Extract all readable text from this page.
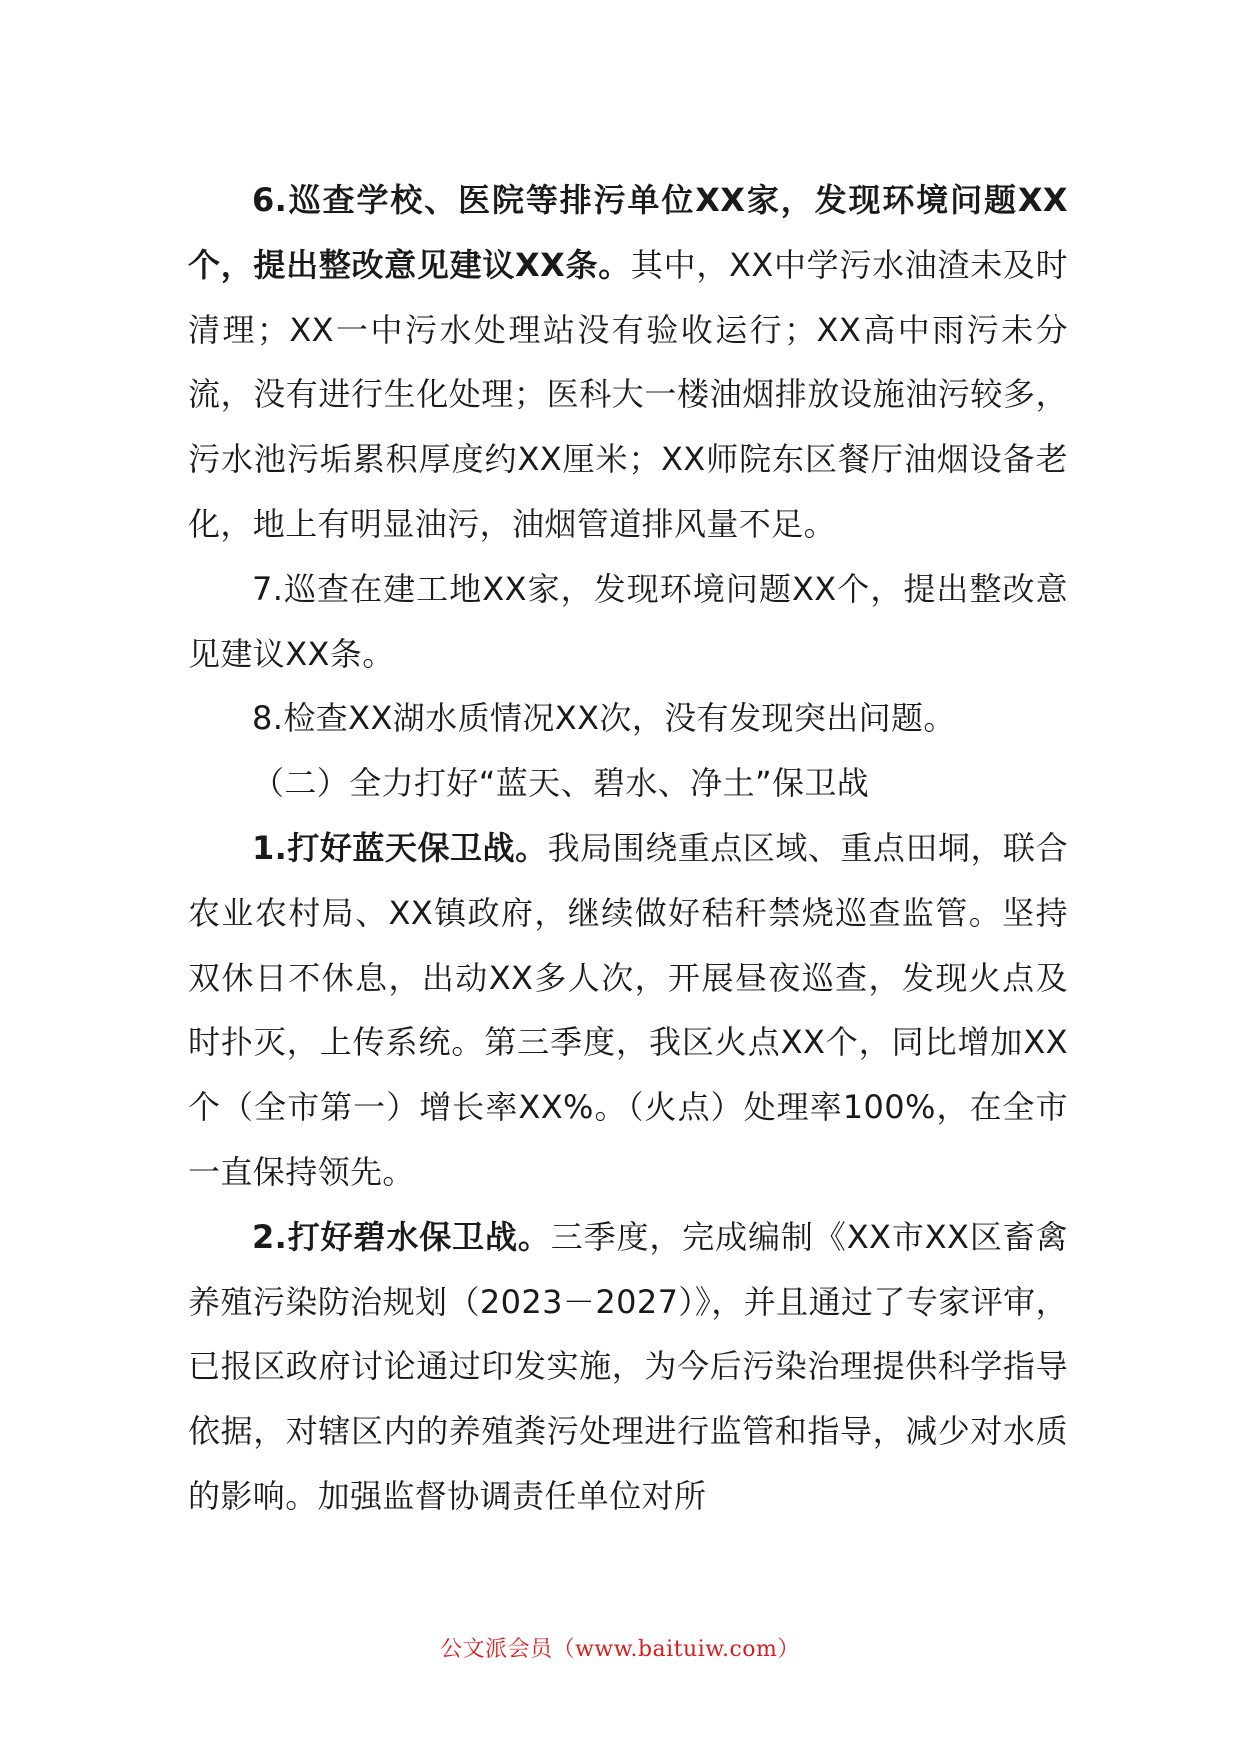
6.巡查学校、医院等排污单位XX家，发现环境问题XX个，提出整改意见建议XX条。其中，XX中学污水油渣未及时清理；XX一中污水处理站没有验收运行；XX高中雨污未分流，没有进行生化处理；医科大一楼油烟排放设施油污较多，污水池污垢累积厚度约XX厘米；XX师院东区餐厅油烟设备老化，地上有明显油污，油烟管道排风量不足。

7.巡查在建工地XX家，发现环境问题XX个，提出整改意见建议XX条。

8.检查XX湖水质情况XX次，没有发现突出问题。

（二）全力打好“蓝天、碧水、净土”保卫战

1.打好蓝天保卫战。我局围绕重点区域、重点田垌，联合农业农村局、XX镇政府，继续做好秸秆禁烧巡查监管。坚持双休日不休息，出动XX多人次，开展昼夜巡查，发现火点及时扑灭，上传系统。第三季度，我区火点XX个，同比增加XX个（全市第一）增长率XX%。（火点）处理率100%，在全市一直保持领先。

2.打好碧水保卫战。三季度，完成编制《XX市XX区畜禽养殖污染防治规划（2023－2027）》，并且通过了专家评审，已报区政府讨论通过印发实施，为今后污染治理提供科学指导依据，对辖区内的养殖粪污处理进行监管和指导，减少对水质的影响。加强监督协调责任单位对所

公文派会员（www.baituiw.com）
